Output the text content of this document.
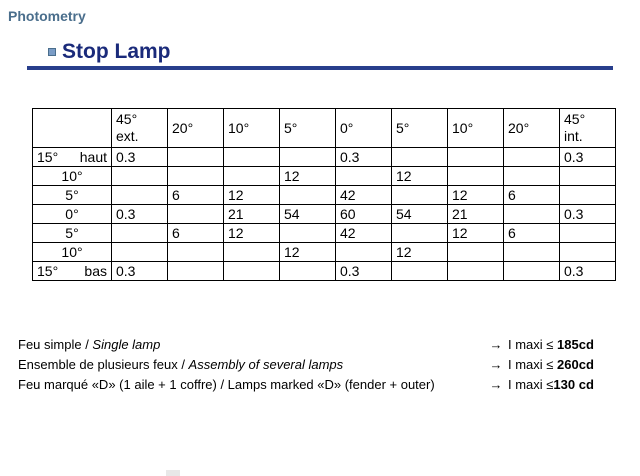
Photometry
Stop Lamp
	45°
ext.	20°	10°	5°	0°	5°	10°	20°	45°
int.
15° haut	0.3				0.3				0.3

10°				12		12			

5°		6	12		42		12	6	

0°	0.3		21	54	60	54	21		0.3

5°		6	12		42		12	6	

10°				12		12			
15° bas	0.3				0.3				0.3
Feu simple / Single lamp	→ I maxi ≤ 185cd
Ensemble de plusieurs feux / Assembly of several lamps	→ I maxi ≤ 260cd
Feu marqué «D» (1 aile + 1 coffre) / Lamps marked «D» (fender + outer)	→ I maxi ≤130 cd
